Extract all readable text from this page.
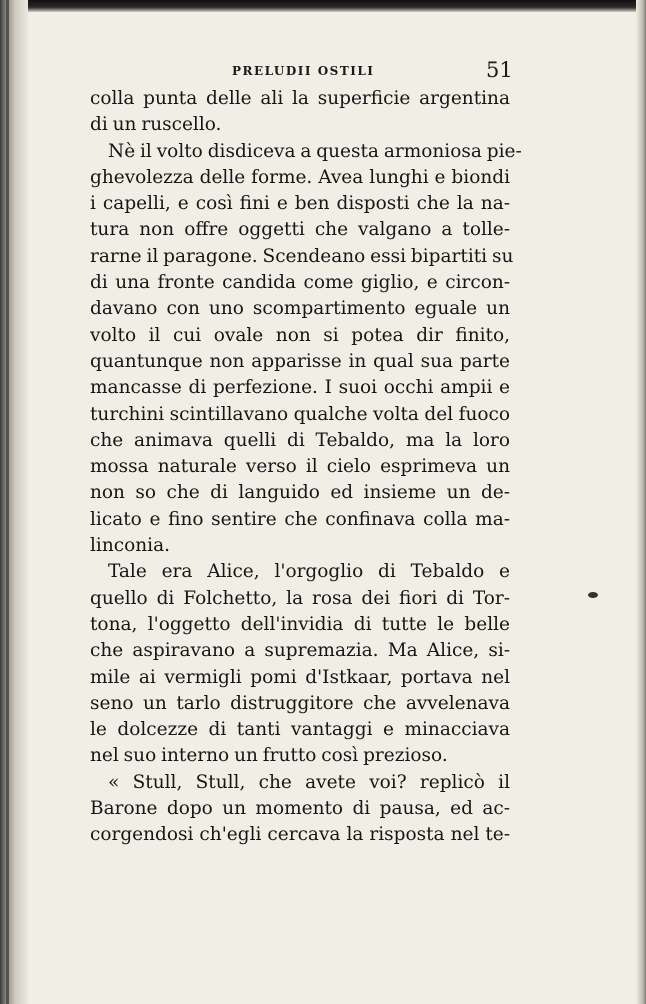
PRELUDII OSTILI	51
colla punta delle ali la superficie argentina
di un ruscello.
Nè il volto disdiceva a questa armoniosa pie-
ghevolezza delle forme. Avea lunghi e biondi
i capelli, e così fini e ben disposti che la na-
tura non offre oggetti che valgano a tolle-
rarne il paragone. Scendeano essi bipartiti su
di una fronte candida come giglio, e circon-
davano con uno scompartimento eguale un
volto il cui ovale non si potea dir finito,
quantunque non apparisse in qual sua parte
mancasse di perfezione. I suoi occhi ampii e
turchini scintillavano qualche volta del fuoco
che animava quelli di Tebaldo, ma la loro
mossa naturale verso il cielo esprimeva un
non so che di languido ed insieme un de-
licato e fino sentire che confinava colla ma-
linconia.
Tale era Alice, l'orgoglio di Tebaldo e
quello di Folchetto, la rosa dei fiori di Tor-
tona, l'oggetto dell'invidia di tutte le belle
che aspiravano a supremazia. Ma Alice, si-
mile ai vermigli pomi d'Istkaar, portava nel
seno un tarlo distruggitore che avvelenava
le dolcezze di tanti vantaggi e minacciava
nel suo interno un frutto così prezioso.
« Stull, Stull, che avete voi? replicò il
Barone dopo un momento di pausa, ed ac-
corgendosi ch'egli cercava la risposta nel te-
